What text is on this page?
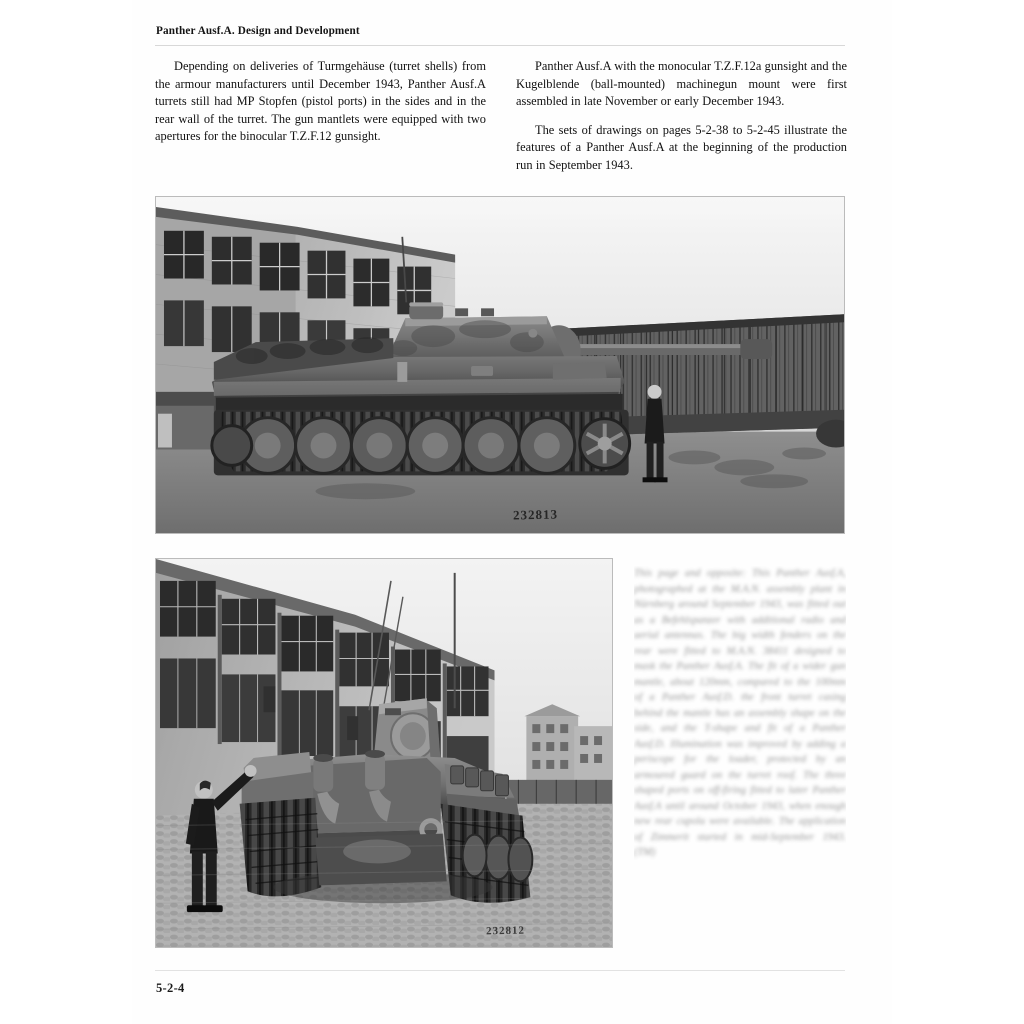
Panther Ausf.A. Design and Development

Depending on deliveries of Turmgehäuse (turret shells) from the armour manufacturers until December 1943, Panther Ausf.A turrets still had MP Stopfen (pistol ports) in the sides and in the rear wall of the turret. The gun mantlets were equipped with two apertures for the binocular T.Z.F.12 gunsight.

Panther Ausf.A with the monocular T.Z.F.12a gunsight and the Kugelblende (ball-mounted) machinegun mount were first assembled in late November or early December 1943.

The sets of drawings on pages 5-2-38 to 5-2-45 illustrate the features of a Panther Ausf.A at the beginning of the production run in September 1943.

232813
232812
This page and opposite: This Panther Ausf.A, photographed at the M.A.N. assembly plant in Nürnberg around September 1943, was fitted out as a Befehlspanzer with additional radio and aerial antennas. The big width fenders on the rear were fitted to M.A.N. 38411 designed to mask the Panther Ausf.A. The fit of a wider gun mantle, about 120mm, compared to the 100mm of a Panther Ausf.D. the front turret casing behind the mantle has an assembly shape on the side, and the T-shape and fit of a Panther Ausf.D. Illumination was improved by adding a periscope for the loader, protected by an armoured guard on the turret roof. The three shaped ports on off-firing fitted to later Panther Ausf.A until around October 1943, when enough new rear cupola were available. The application of Zimmerit started in mid-September 1943. (TM)
5-2-4
